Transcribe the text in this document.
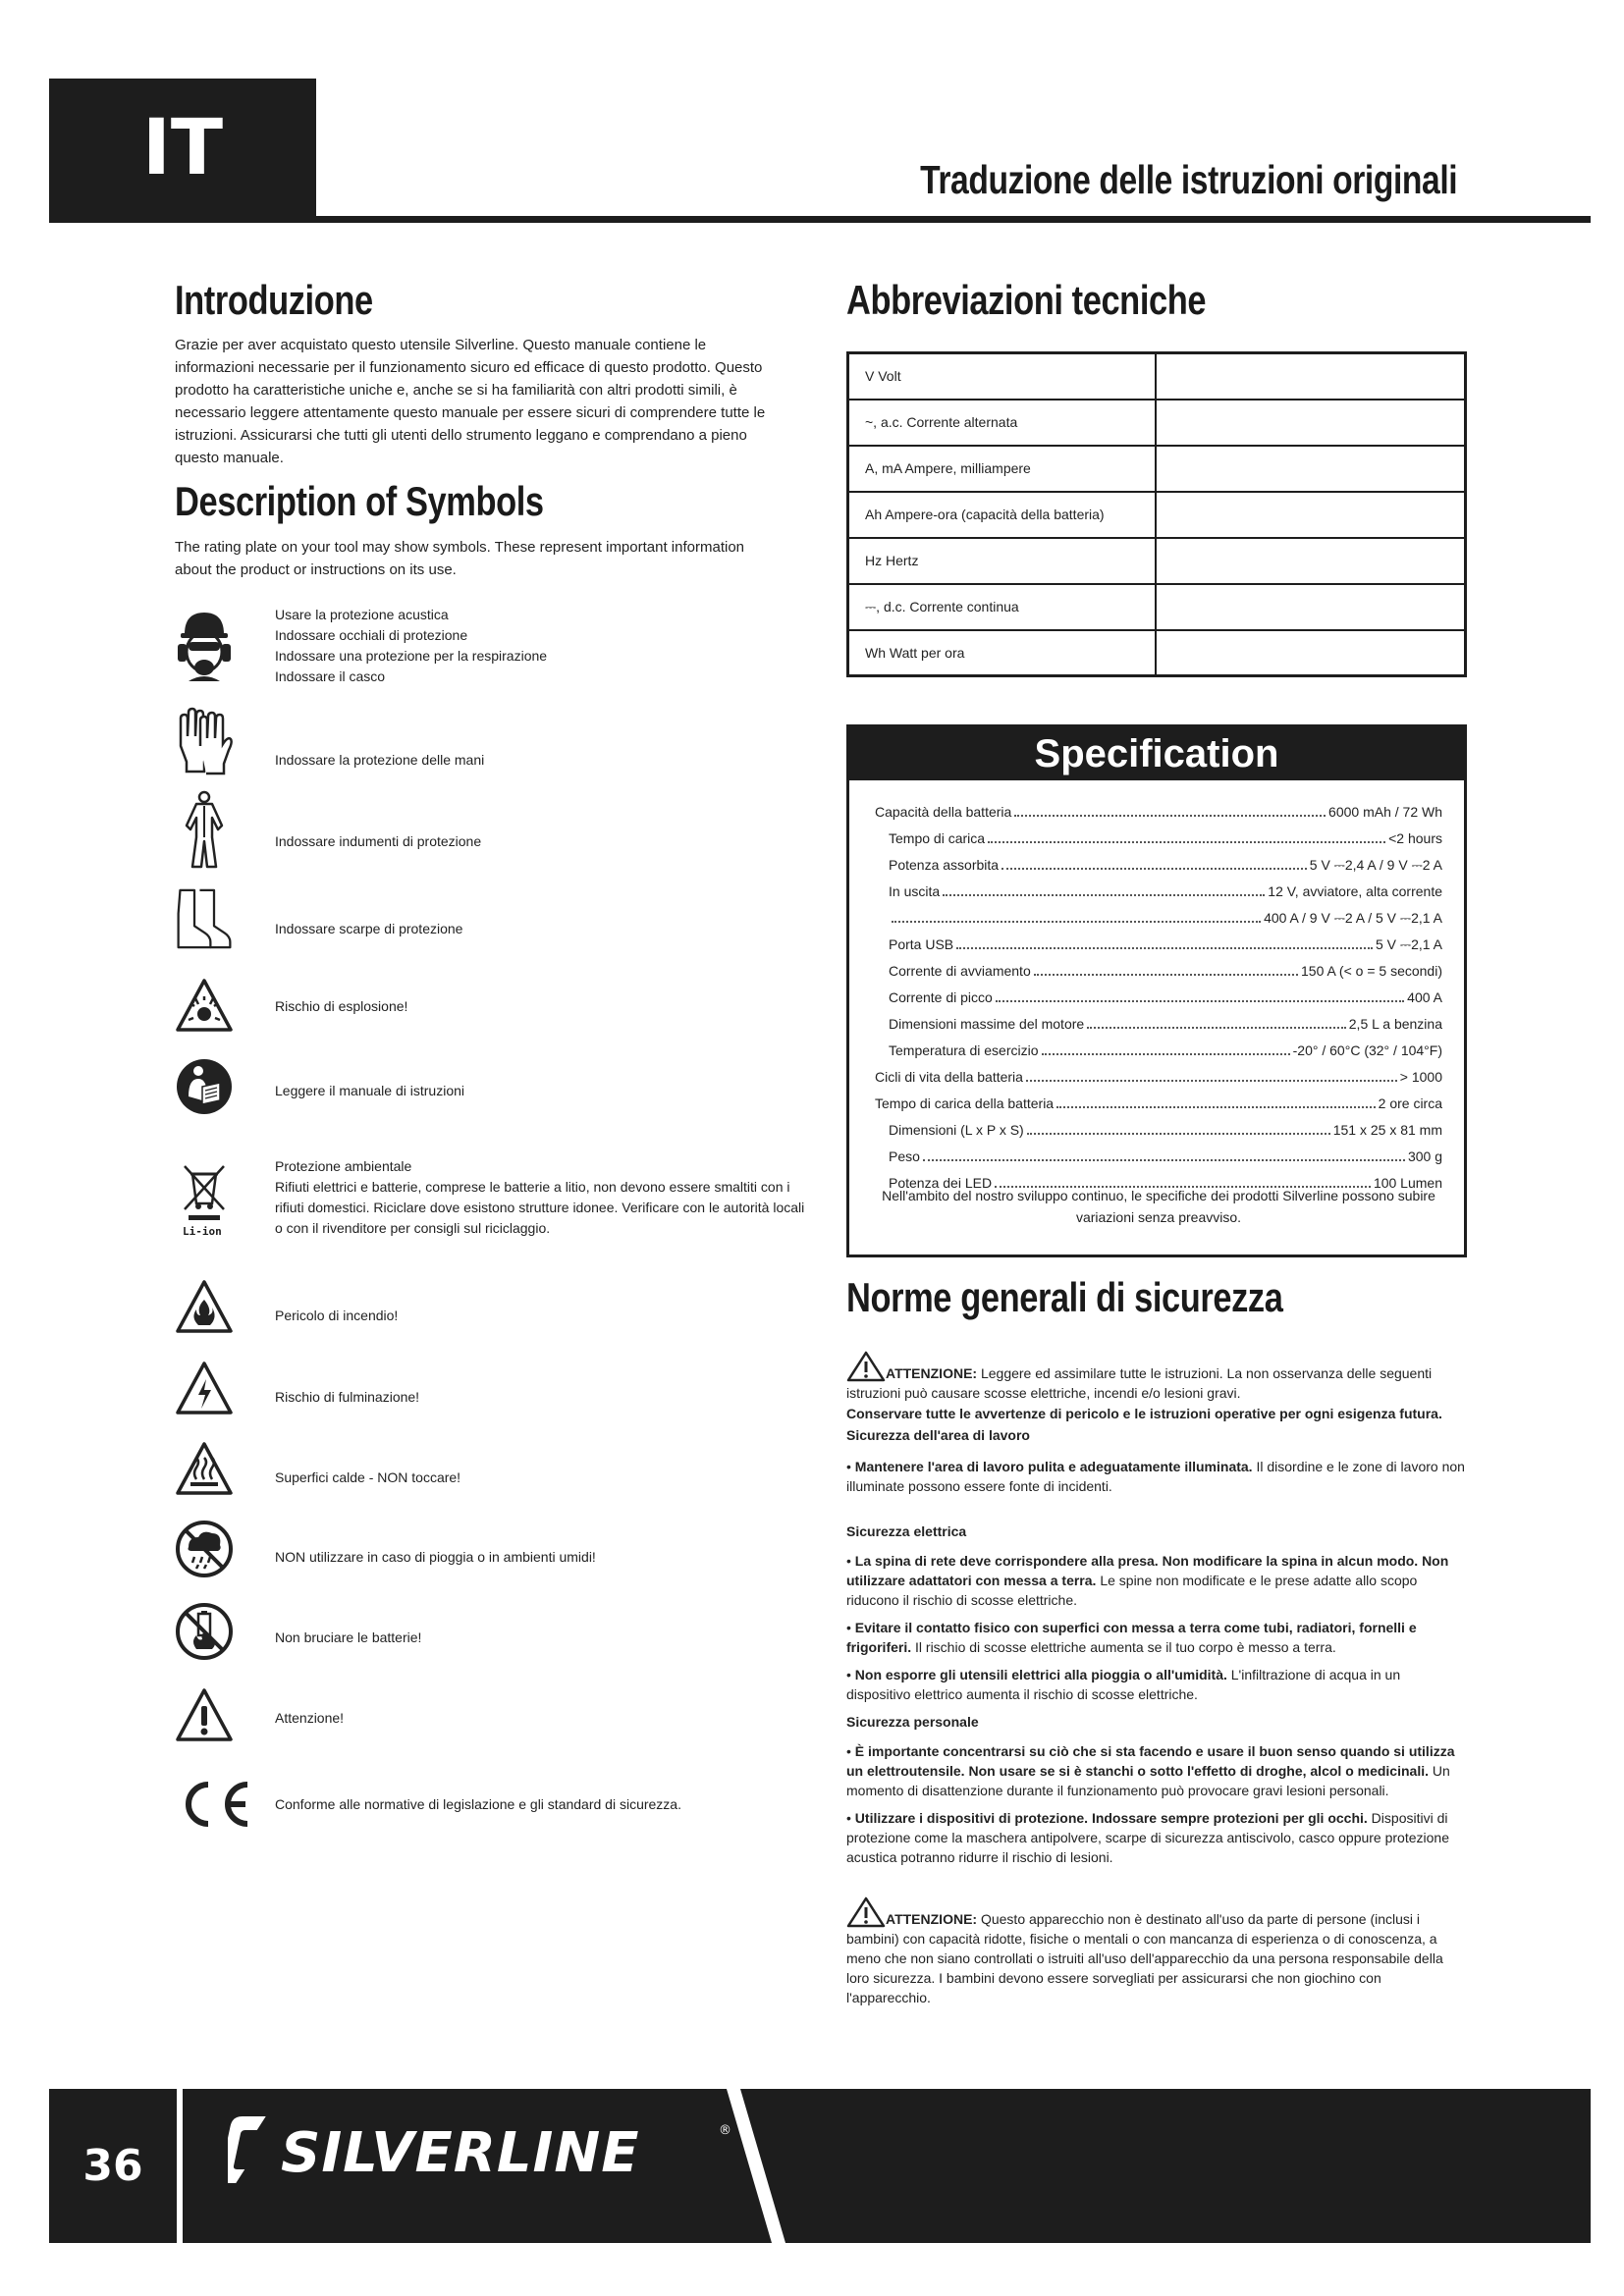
IT	Traduzione delle istruzioni originali
Introduzione
Grazie per aver acquistato questo utensile Silverline. Questo manuale contiene le informazioni necessarie per il funzionamento sicuro ed efficace di questo prodotto. Questo prodotto ha caratteristiche uniche e, anche se si ha familiarità con altri prodotti simili, è necessario leggere attentamente questo manuale per essere sicuri di comprendere tutte le istruzioni. Assicurarsi che tutti gli utenti dello strumento leggano e comprendano a pieno questo manuale.
Description of Symbols
The rating plate on your tool may show symbols. These represent important information about the product or instructions on its use.
Usare la protezione acustica
Indossare occhiali di protezione
Indossare una protezione per la respirazione
Indossare il casco
Indossare la protezione delle mani
Indossare indumenti di protezione
Indossare scarpe di protezione
Rischio di esplosione!
Leggere il manuale di istruzioni
Li-ion
Protezione ambientale
Rifiuti elettrici e batterie, comprese le batterie a litio, non devono essere smaltiti con i rifiuti domestici. Riciclare dove esistono strutture idonee. Verificare con le autorità locali o con il rivenditore per consigli sul riciclaggio.
Pericolo di incendio!
Rischio di fulminazione!
Superfici calde - NON toccare!
NON utilizzare in caso di pioggia o in ambienti umidi!
Non bruciare le batterie!
Attenzione!
Conforme alle normative di legislazione e gli standard di sicurezza.
Abbreviazioni tecniche
V Volt	
~, a.c. Corrente alternata	
A, mA Ampere, milliampere	
Ah Ampere-ora (capacità della batteria)	
Hz Hertz	
⎓, d.c. Corrente continua	
Wh Watt per ora	
Specification
Capacità della batteria	6000 mAh / 72 Wh
Tempo di carica	<2 hours
Potenza assorbita	5 V ⎓2,4 A / 9 V ⎓2 A
In uscita	12 V, avviatore, alta corrente
400 A / 9 V ⎓2 A / 5 V ⎓2,1 A
Porta USB	5 V ⎓2,1 A
Corrente di avviamento	150 A (< o = 5 secondi)
Corrente di picco	400 A
Dimensioni massime del motore	2,5 L a benzina
Temperatura di esercizio	-20° / 60°C (32° / 104°F)
Cicli di vita della batteria	> 1000
Tempo di carica della batteria	2 ore circa
Dimensioni (L x P x S)	151 x 25 x 81 mm
Peso	300 g
Potenza dei LED	100 Lumen
Nell'ambito del nostro sviluppo continuo, le specifiche dei prodotti Silverline possono subire variazioni senza preavviso.
Norme generali di sicurezza
ATTENZIONE: Leggere ed assimilare tutte le istruzioni. La non osservanza delle seguenti istruzioni può causare scosse elettriche, incendi e/o lesioni gravi.
Conservare tutte le avvertenze di pericolo e le istruzioni operative per ogni esigenza futura.
Sicurezza dell'area di lavoro
• Mantenere l'area di lavoro pulita e adeguatamente illuminata. Il disordine e le zone di lavoro non illuminate possono essere fonte di incidenti.
Sicurezza elettrica
• La spina di rete deve corrispondere alla presa. Non modificare la spina in alcun modo. Non utilizzare adattatori con messa a terra. Le spine non modificate e le prese adatte allo scopo riducono il rischio di scosse elettriche.
• Evitare il contatto fisico con superfici con messa a terra come tubi, radiatori, fornelli e frigoriferi. Il rischio di scosse elettriche aumenta se il tuo corpo è messo a terra.
• Non esporre gli utensili elettrici alla pioggia o all'umidità. L'infiltrazione di acqua in un dispositivo elettrico aumenta il rischio di scosse elettriche.
Sicurezza personale
• È importante concentrarsi su ciò che si sta facendo e usare il buon senso quando si utilizza un elettroutensile. Non usare se si è stanchi o sotto l'effetto di droghe, alcol o medicinali. Un momento di disattenzione durante il funzionamento può provocare gravi lesioni personali.
• Utilizzare i dispositivi di protezione. Indossare sempre protezioni per gli occhi. Dispositivi di protezione come la maschera antipolvere, scarpe di sicurezza antiscivolo, casco oppure protezione acustica potranno ridurre il rischio di lesioni.
ATTENZIONE: Questo apparecchio non è destinato all'uso da parte di persone (inclusi i bambini) con capacità ridotte, fisiche o mentali o con mancanza di esperienza o di conoscenza, a meno che non siano controllati o istruiti all'uso dell'apparecchio da una persona responsabile della loro sicurezza. I bambini devono essere sorvegliati per assicurarsi che non giochino con l'apparecchio.
36	SILVERLINE	®
